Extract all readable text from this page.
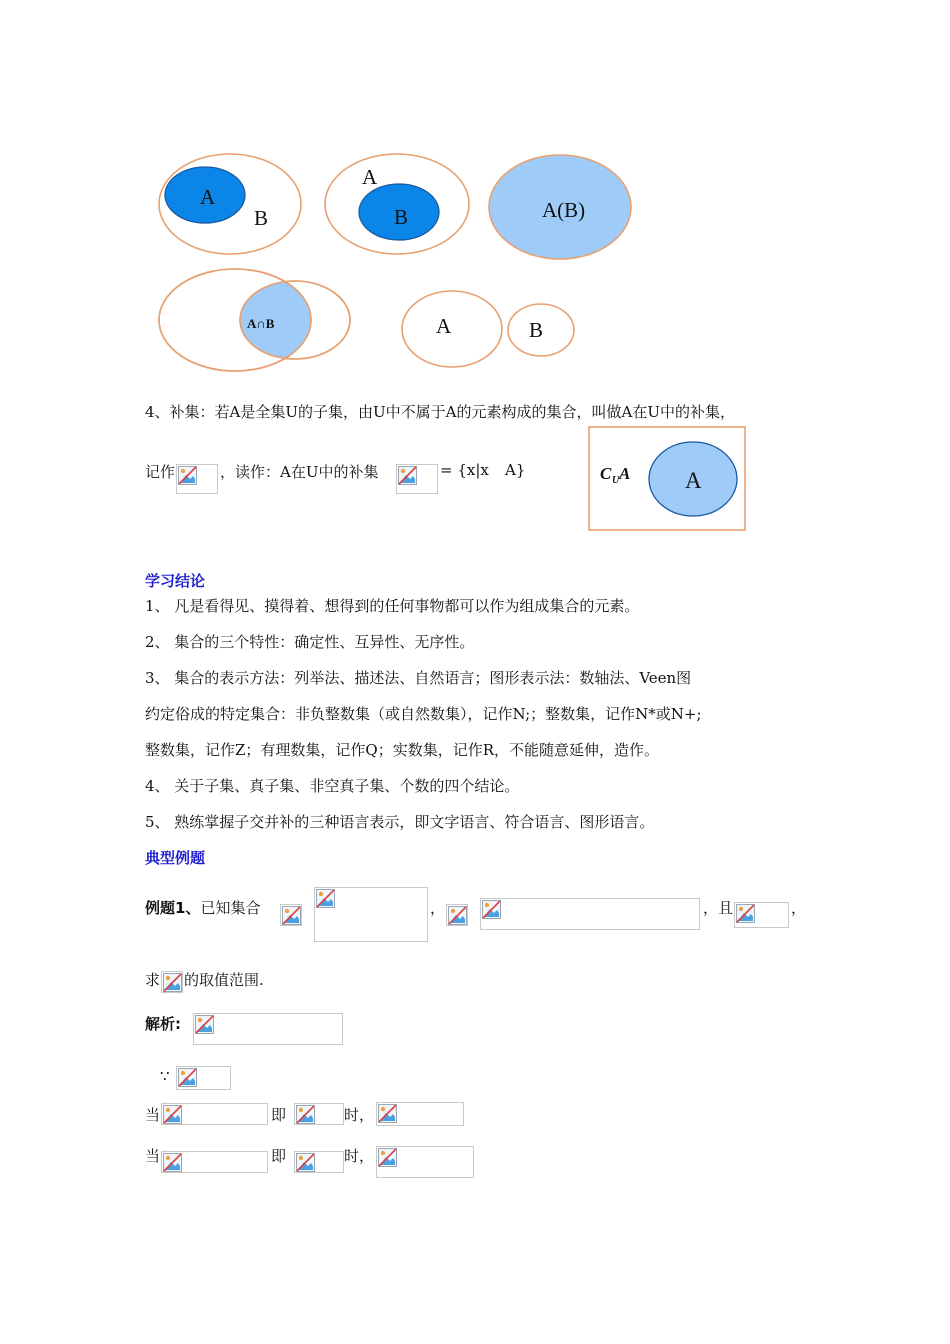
A
B
A
B	A(B)
A∩B	A	B
4、补集：若A是全集U的子集，由U中不属于A的元素构成的集合，叫做A在U中的补集，
记作	，读作：A在U中的补集	= {x|x A}	C U A A
学习结论
1、 凡是看得见、摸得着、想得到的任何事物都可以作为组成集合的元素。
2、 集合的三个特性：确定性、互异性、无序性。
3、 集合的表示方法：列举法、描述法、自然语言；图形表示法：数轴法、Veen图
约定俗成的特定集合：非负整数集（或自然数集），记作N;；整数集，记作N*或N+;
整数集，记作Z；有理数集，记作Q；实数集，记作R，不能随意延伸，造作。
4、 关于子集、真子集、非空真子集、个数的四个结论。
5、 熟练掌握子交并补的三种语言表示，即文字语言、符合语言、图形语言。
典型例题
例题1、已知集合	，	，且	，
求 的取值范围.
解析:
∵
当	即	时，
当	即	时，
